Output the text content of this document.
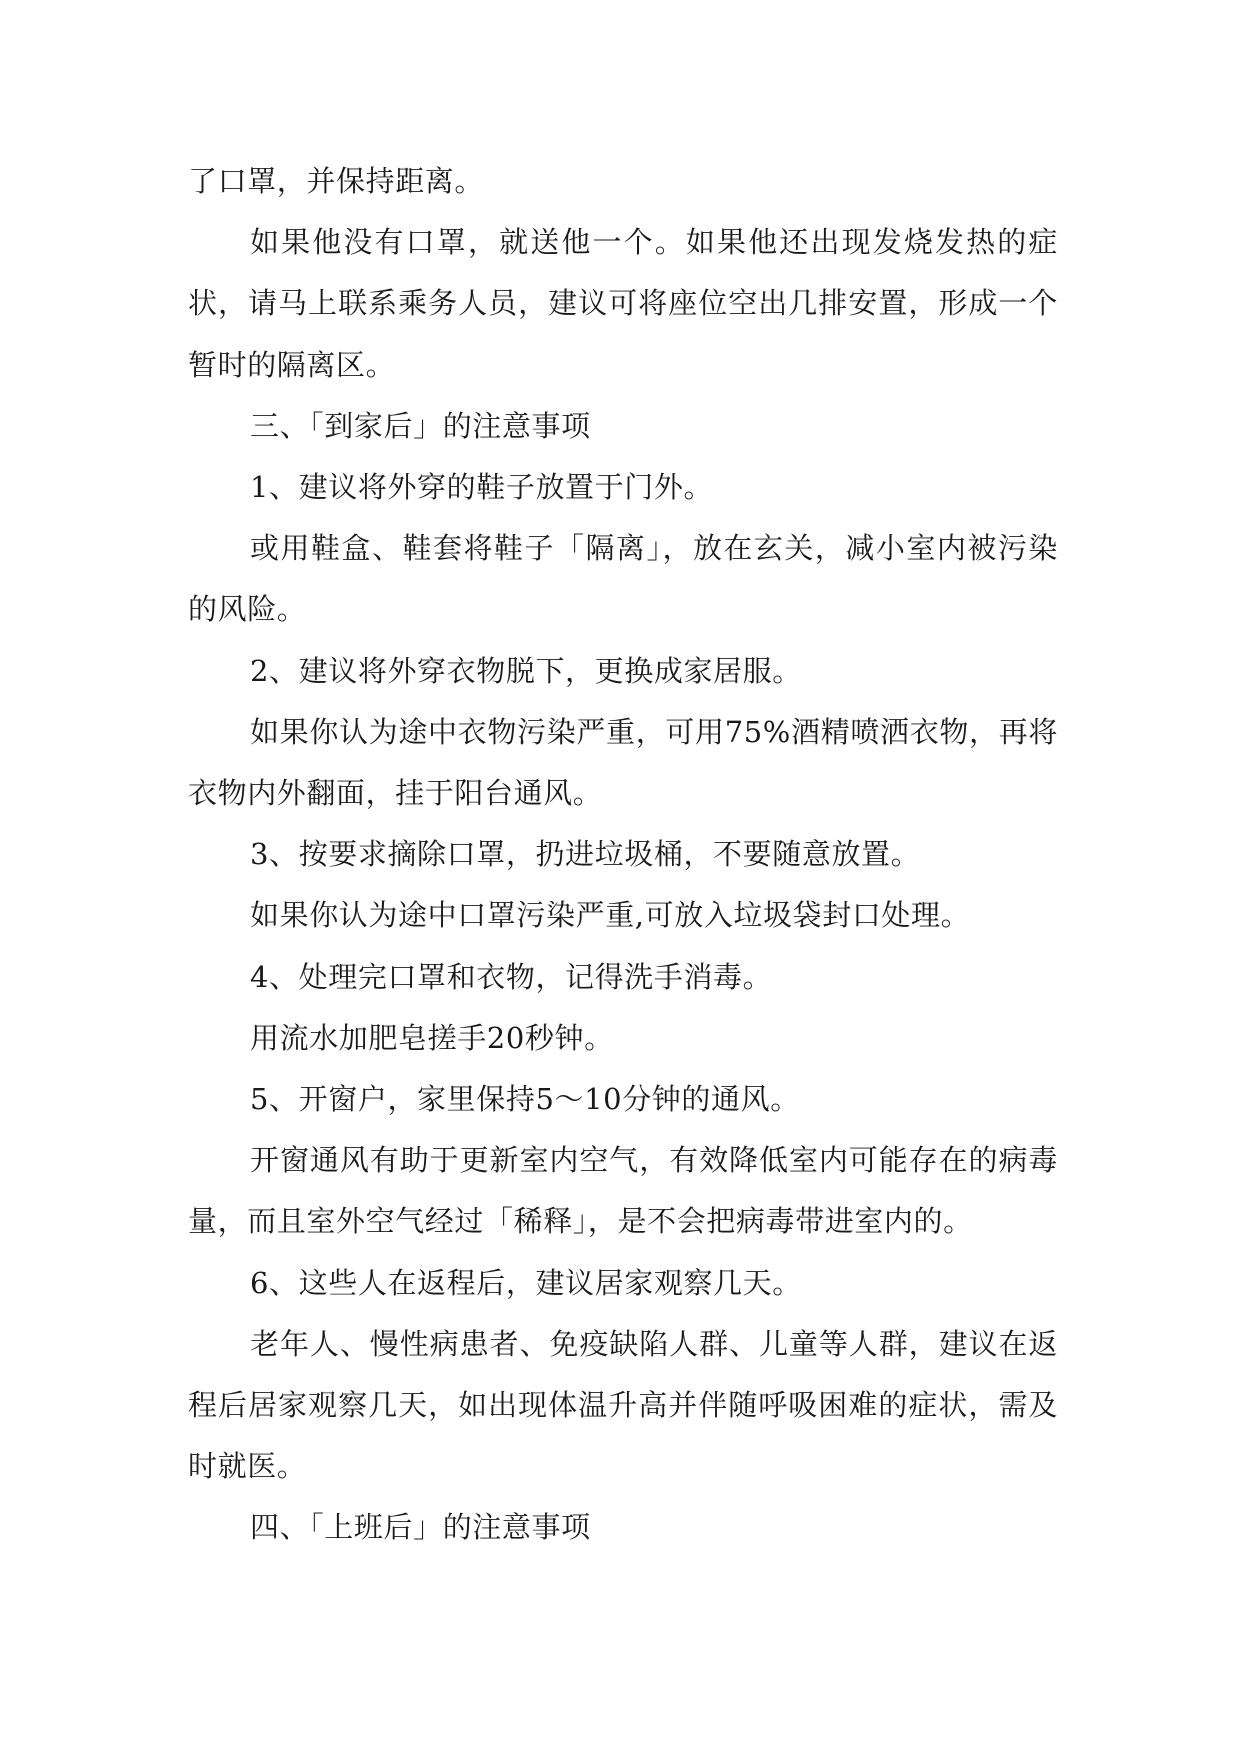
了口罩，并保持距离。

如果他没有口罩，就送他一个。如果他还出现发烧发热的症状，请马上联系乘务人员，建议可将座位空出几排安置，形成一个暂时的隔离区。

三、「到家后」的注意事项

1、建议将外穿的鞋子放置于门外。

或用鞋盒、鞋套将鞋子「隔离」，放在玄关，减小室内被污染的风险。

2、建议将外穿衣物脱下，更换成家居服。

如果你认为途中衣物污染严重，可用75%酒精喷洒衣物，再将衣物内外翻面，挂于阳台通风。

3、按要求摘除口罩，扔进垃圾桶，不要随意放置。

如果你认为途中口罩污染严重,可放入垃圾袋封口处理。

4、处理完口罩和衣物，记得洗手消毒。

用流水加肥皂搓手20秒钟。

5、开窗户，家里保持5～10分钟的通风。

开窗通风有助于更新室内空气，有效降低室内可能存在的病毒量，而且室外空气经过「稀释」，是不会把病毒带进室内的。

6、这些人在返程后，建议居家观察几天。

老年人、慢性病患者、免疫缺陷人群、儿童等人群，建议在返程后居家观察几天，如出现体温升高并伴随呼吸困难的症状，需及时就医。

四、「上班后」的注意事项
